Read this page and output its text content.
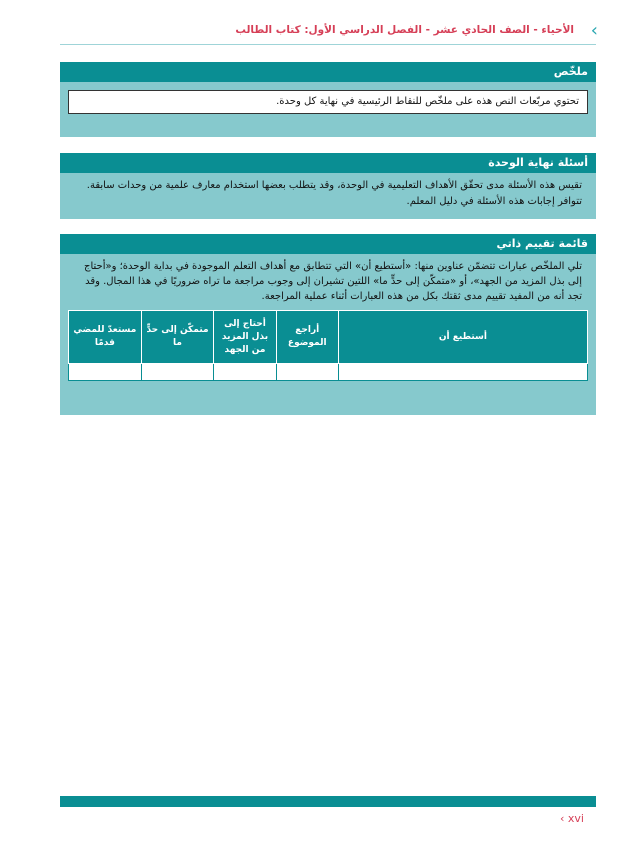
›
الأحياء - الصف الحادي عشر - الفصل الدراسي الأول: كتاب الطالب
ملخّص
تحتوي مربّعات النص هذه على ملخّص للنقاط الرئيسية في نهاية كل وحدة.
أسئلة نهاية الوحدة
تقيس هذه الأسئلة مدى تحقّق الأهداف التعليمية في الوحدة، وقد يتطلب بعضها استخدام معارف علمية من وحدات سابقة. تتوافر إجابات هذه الأسئلة في دليل المعلم.
قائمة تقييم ذاتي
تلي الملخّص عبارات تتضمّن عناوين منها: «أستطيع أن» التي تتطابق مع أهداف التعلم الموجودة في بداية الوحدة؛ و«أحتاج إلى بذل المزيد من الجهد»، أو «متمكّن إلى حدٍّ ما» اللتين تشيران إلى وجوب مراجعة ما تراه ضروريًا في هذا المجال. وقد تجد أنه من المفيد تقييم مدى ثقتك بكل من هذه العبارات أثناء عملية المراجعة.
أستطيع أن	أراجع الموضوع	أحتاج إلى بذل المزيد من الجهد	متمكّن إلى حدٍّ ما	مستعدّ للمضي قدمًا

‹ xvi
